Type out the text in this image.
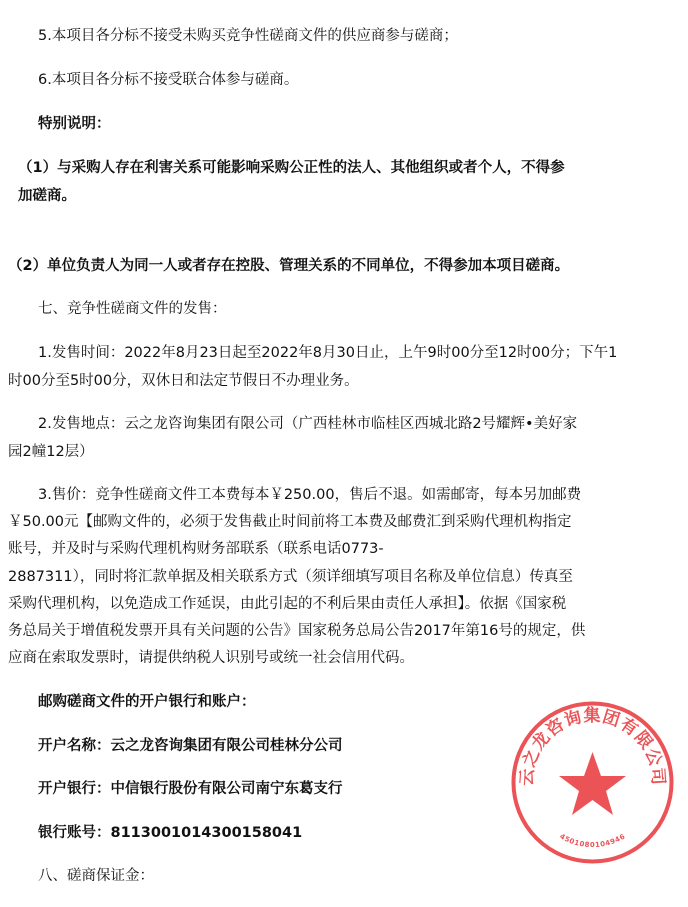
5.本项目各分标不接受未购买竞争性磋商文件的供应商参与磋商；

6.本项目各分标不接受联合体参与磋商。

特别说明：

（1）与采购人存在利害关系可能影响采购公正性的法人、其他组织或者个人，不得参

加磋商。

（2）单位负责人为同一人或者存在控股、管理关系的不同单位，不得参加本项目磋商。

七、竞争性磋商文件的发售：

1.发售时间：2022年8月23日起至2022年8月30日止，上午9时00分至12时00分；下午1

时00分至5时00分，双休日和法定节假日不办理业务。

2.发售地点：云之龙咨询集团有限公司（广西桂林市临桂区西城北路2号耀辉•美好家

园2幢12层）

3.售价：竞争性磋商文件工本费每本￥250.00，售后不退。如需邮寄，每本另加邮费

￥50.00元【邮购文件的，必须于发售截止时间前将工本费及邮费汇到采购代理机构指定

账号，并及时与采购代理机构财务部联系（联系电话0773-

2887311），同时将汇款单据及相关联系方式（须详细填写项目名称及单位信息）传真至

采购代理机构，以免造成工作延误，由此引起的不利后果由责任人承担】。依据《国家税

务总局关于增值税发票开具有关问题的公告》国家税务总局公告2017年第16号的规定，供

应商在索取发票时，请提供纳税人识别号或统一社会信用代码。

邮购磋商文件的开户银行和账户：

开户名称：云之龙咨询集团有限公司桂林分公司

开户银行：中信银行股份有限公司南宁东葛支行

银行账号：8113001014300158041

八、磋商保证金：

云之龙咨询集团有限公司
4501080104946
